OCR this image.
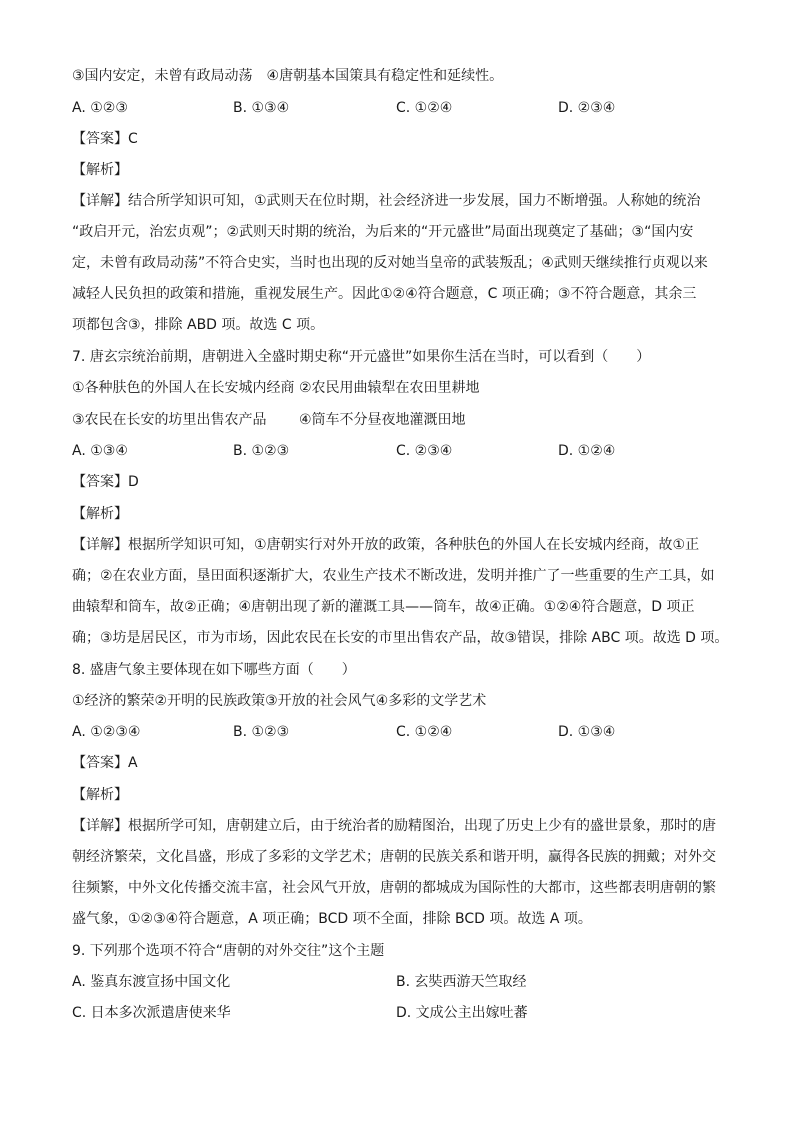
③国内安定，未曾有政局动荡　④唐朝基本国策具有稳定性和延续性。
A. ①②③	B. ①③④	C. ①②④	D. ②③④
【答案】C
【解析】
【详解】结合所学知识可知，①武则天在位时期，社会经济进一步发展，国力不断增强。人称她的统治
“政启开元，治宏贞观”；②武则天时期的统治，为后来的“开元盛世”局面出现奠定了基础；③“国内安
定，未曾有政局动荡”不符合史实，当时也出现的反对她当皇帝的武装叛乱；④武则天继续推行贞观以来
减轻人民负担的政策和措施，重视发展生产。因此①②④符合题意，C 项正确；③不符合题意，其余三
项都包含③，排除 ABD 项。故选 C 项。
7. 唐玄宗统治前期，唐朝进入全盛时期史称“开元盛世”如果你生活在当时，可以看到（　　）
①各种肤色的外国人在长安城内经商 ②农民用曲辕犁在农田里耕地
③农民在长安的坊里出售农产品　　 ④筒车不分昼夜地灌溉田地
A. ①③④	B. ①②③	C. ②③④	D. ①②④
【答案】D
【解析】
【详解】根据所学知识可知，①唐朝实行对外开放的政策，各种肤色的外国人在长安城内经商，故①正
确；②在农业方面，垦田面积逐渐扩大，农业生产技术不断改进，发明并推广了一些重要的生产工具，如
曲辕犁和筒车，故②正确；④唐朝出现了新的灌溉工具——筒车，故④正确。①②④符合题意，D 项正
确；③坊是居民区，市为市场，因此农民在长安的市里出售农产品，故③错误，排除 ABC 项。故选 D 项。
8. 盛唐气象主要体现在如下哪些方面（　　）
①经济的繁荣②开明的民族政策③开放的社会风气④多彩的文学艺术
A. ①②③④	B. ①②③	C. ①②④	D. ①③④
【答案】A
【解析】
【详解】根据所学可知，唐朝建立后，由于统治者的励精图治，出现了历史上少有的盛世景象，那时的唐
朝经济繁荣，文化昌盛，形成了多彩的文学艺术；唐朝的民族关系和谐开明，赢得各民族的拥戴；对外交
往频繁，中外文化传播交流丰富，社会风气开放，唐朝的都城成为国际性的大都市，这些都表明唐朝的繁
盛气象，①②③④符合题意，A 项正确；BCD 项不全面，排除 BCD 项。故选 A 项。
9. 下列那个选项不符合“唐朝的对外交往”这个主题
A. 鉴真东渡宣扬中国文化	B. 玄奘西游天竺取经
C. 日本多次派遣唐使来华	D. 文成公主出嫁吐蕃
